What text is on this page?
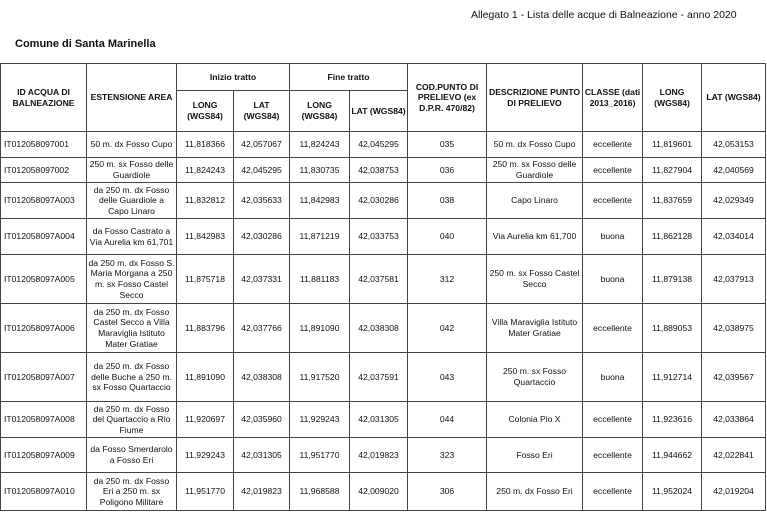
Allegato 1 - Lista delle acque di Balneazione - anno 2020
Comune di Santa Marinella
ID ACQUA DI BALNEAZIONE	ESTENSIONE AREA	Inizio tratto		Fine tratto		COD.PUNTO DI PRELIEVO (ex D.P.R. 470/82)	DESCRIZIONE PUNTO DI PRELIEVO	CLASSE (dati 2013_2016)	LONG (WGS84)	LAT (WGS84)
		LONG (WGS84)	LAT (WGS84)	LONG (WGS84)	LAT (WGS84)					
IT012058097001	50 m. dx Fosso Cupo	11,818366	42,057067	11,824243	42,045295	035	50 m. dx Fosso Cupo	eccellente	11,819601	42,053153
IT012058097002	250 m. sx Fosso delle Guardiole	11,824243	42,045295	11,830735	42,038753	036	250 m. sx Fosso delle Guardiole	eccellente	11,827904	42,040569
IT012058097A003	da 250 m. dx Fosso delle Guardiole a Capo Linaro	11,832812	42,035633	11,842983	42,030286	038	Capo Linaro	eccellente	11,837659	42,029349
IT012058097A004	da Fosso Castrato a Via Aurelia km 61,701	11,842983	42,030286	11,871219	42,033753	040	Via Aurelia km 61,700	buona	11,862128	42,034014
IT012058097A005	da 250 m. dx Fosso S. Maria Morgana a 250 m. sx Fosso Castel Secco	11,875718	42,037331	11,881183	42,037581	312	250 m. sx Fosso Castel Secco	buona	11,879138	42,037913
IT012058097A006	da 250 m. dx Fosso Castel Secco a Villa Maraviglia Istituto Mater Gratiae	11,883796	42,037766	11,891090	42,038308	042	Villa Maraviglia Istituto Mater Gratiae	eccellente	11,889053	42,038975
IT012058097A007	da 250 m. dx Fosso delle Buche a 250 m. sx Fosso Quartaccio	11,891090	42,038308	11,917520	42,037591	043	250 m. sx Fosso Quartaccio	buona	11,912714	42,039567
IT012058097A008	da 250 m. dx Fosso del Quartaccio a Rio Fiume	11,920697	42,035960	11,929243	42,031305	044	Colonia Pio X	eccellente	11,923616	42,033864
IT012058097A009	da Fosso Smerdarolo a Fosso Eri	11,929243	42,031305	11,951770	42,019823	323	Fosso Eri	eccellente	11,944662	42,022841
IT012058097A010	da 250 m. dx Fosso Eri a 250 m. sx Poligono Militare	11,951770	42,019823	11,968588	42,009020	306	250 m. dx Fosso Eri	eccellente	11,952024	42,019204
